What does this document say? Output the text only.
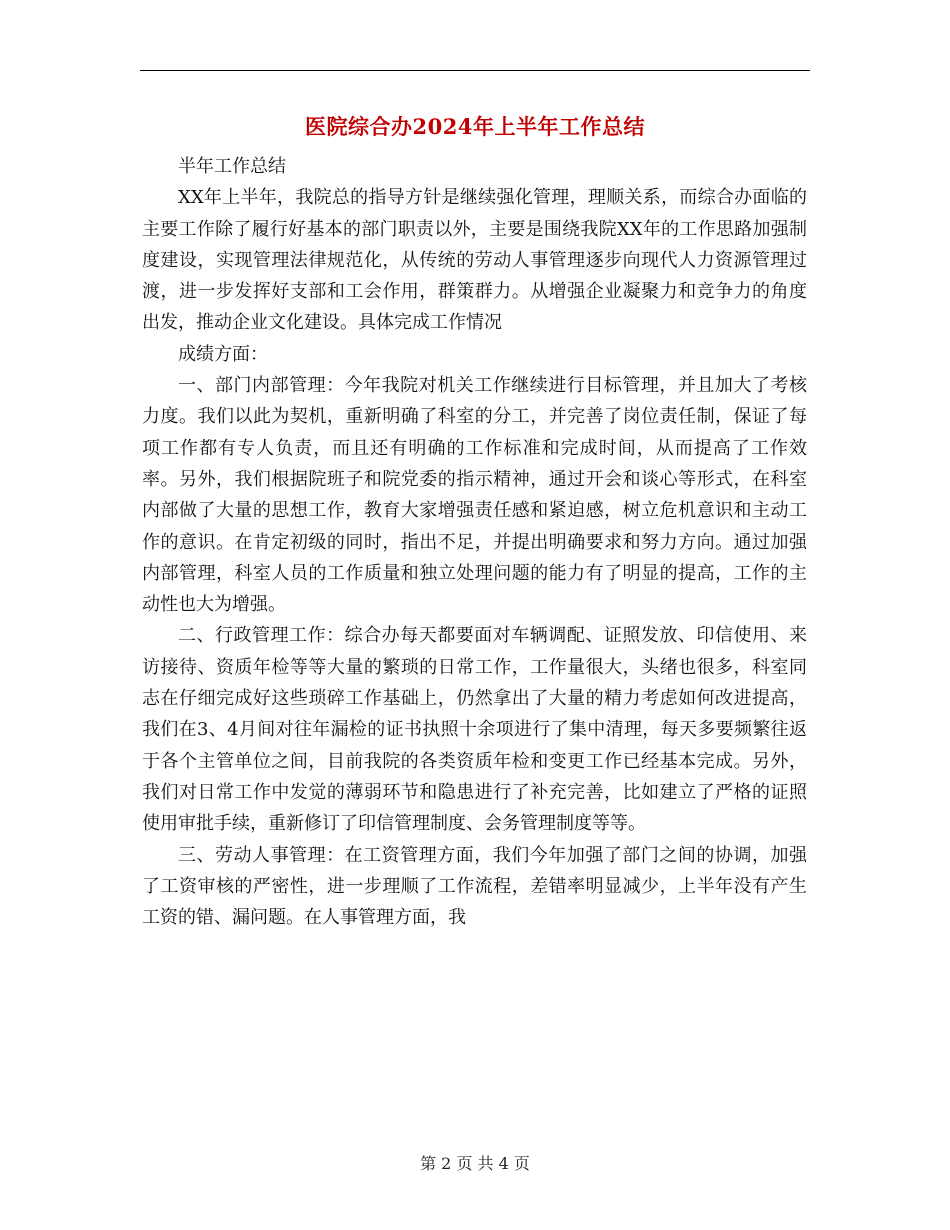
医院综合办2024年上半年工作总结

半年工作总结

XX年上半年，我院总的指导方针是继续强化管理，理顺关系，而综合办面临的主要工作除了履行好基本的部门职责以外，主要是围绕我院XX年的工作思路加强制度建设，实现管理法律规范化，从传统的劳动人事管理逐步向现代人力资源管理过渡，进一步发挥好支部和工会作用，群策群力。从增强企业凝聚力和竞争力的角度出发，推动企业文化建设。具体完成工作情况

成绩方面：

一、部门内部管理：今年我院对机关工作继续进行目标管理，并且加大了考核力度。我们以此为契机，重新明确了科室的分工，并完善了岗位责任制，保证了每项工作都有专人负责，而且还有明确的工作标准和完成时间，从而提高了工作效率。另外，我们根据院班子和院党委的指示精神，通过开会和谈心等形式，在科室内部做了大量的思想工作，教育大家增强责任感和紧迫感，树立危机意识和主动工作的意识。在肯定初级的同时，指出不足，并提出明确要求和努力方向。通过加强内部管理，科室人员的工作质量和独立处理问题的能力有了明显的提高，工作的主动性也大为增强。

二、行政管理工作：综合办每天都要面对车辆调配、证照发放、印信使用、来访接待、资质年检等等大量的繁琐的日常工作，工作量很大，头绪也很多，科室同志在仔细完成好这些琐碎工作基础上，仍然拿出了大量的精力考虑如何改进提高，我们在3、4月间对往年漏检的证书执照十余项进行了集中清理，每天多要频繁往返于各个主管单位之间，目前我院的各类资质年检和变更工作已经基本完成。另外，我们对日常工作中发觉的薄弱环节和隐患进行了补充完善，比如建立了严格的证照使用审批手续，重新修订了印信管理制度、会务管理制度等等。

三、劳动人事管理：在工资管理方面，我们今年加强了部门之间的协调，加强了工资审核的严密性，进一步理顺了工作流程，差错率明显减少，上半年没有产生工资的错、漏问题。在人事管理方面，我

第 2 页 共 4 页
